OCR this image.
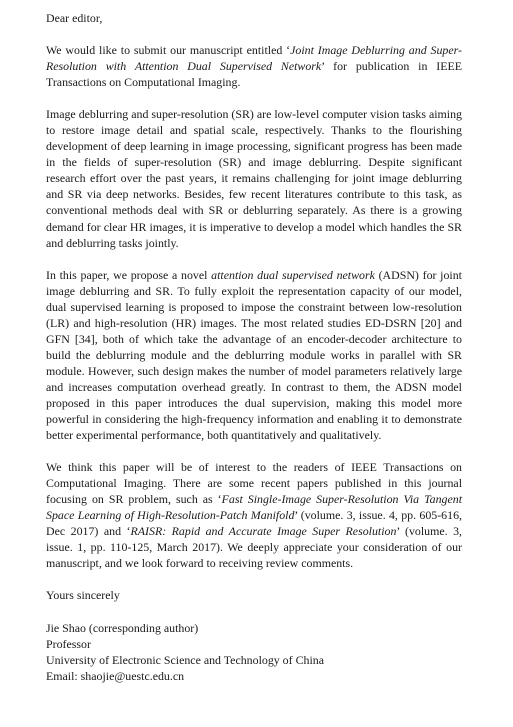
Dear editor,

We would like to submit our manuscript entitled ‘Joint Image Deblurring and Super-Resolution with Attention Dual Supervised Network’ for publication in IEEE Transactions on Computational Imaging.

Image deblurring and super-resolution (SR) are low-level computer vision tasks aiming to restore image detail and spatial scale, respectively. Thanks to the flourishing development of deep learning in image processing, significant progress has been made in the fields of super-resolution (SR) and image deblurring. Despite significant research effort over the past years, it remains challenging for joint image deblurring and SR via deep networks. Besides, few recent literatures contribute to this task, as conventional methods deal with SR or deblurring separately. As there is a growing demand for clear HR images, it is imperative to develop a model which handles the SR and deblurring tasks jointly.

In this paper, we propose a novel attention dual supervised network (ADSN) for joint image deblurring and SR. To fully exploit the representation capacity of our model, dual supervised learning is proposed to impose the constraint between low-resolution (LR) and high-resolution (HR) images. The most related studies ED-DSRN [20] and GFN [34], both of which take the advantage of an encoder-decoder architecture to build the deblurring module and the deblurring module works in parallel with SR module. However, such design makes the number of model parameters relatively large and increases computation overhead greatly. In contrast to them, the ADSN model proposed in this paper introduces the dual supervision, making this model more powerful in considering the high-frequency information and enabling it to demonstrate better experimental performance, both quantitatively and qualitatively.

We think this paper will be of interest to the readers of IEEE Transactions on Computational Imaging. There are some recent papers published in this journal focusing on SR problem, such as ‘Fast Single-Image Super-Resolution Via Tangent Space Learning of High-Resolution-Patch Manifold’ (volume. 3, issue. 4, pp. 605-616, Dec 2017) and ‘RAISR: Rapid and Accurate Image Super Resolution’ (volume. 3, issue. 1, pp. 110-125, March 2017). We deeply appreciate your consideration of our manuscript, and we look forward to receiving review comments.

Yours sincerely

Jie Shao (corresponding author)
Professor
University of Electronic Science and Technology of China
Email: shaojie@uestc.edu.cn
